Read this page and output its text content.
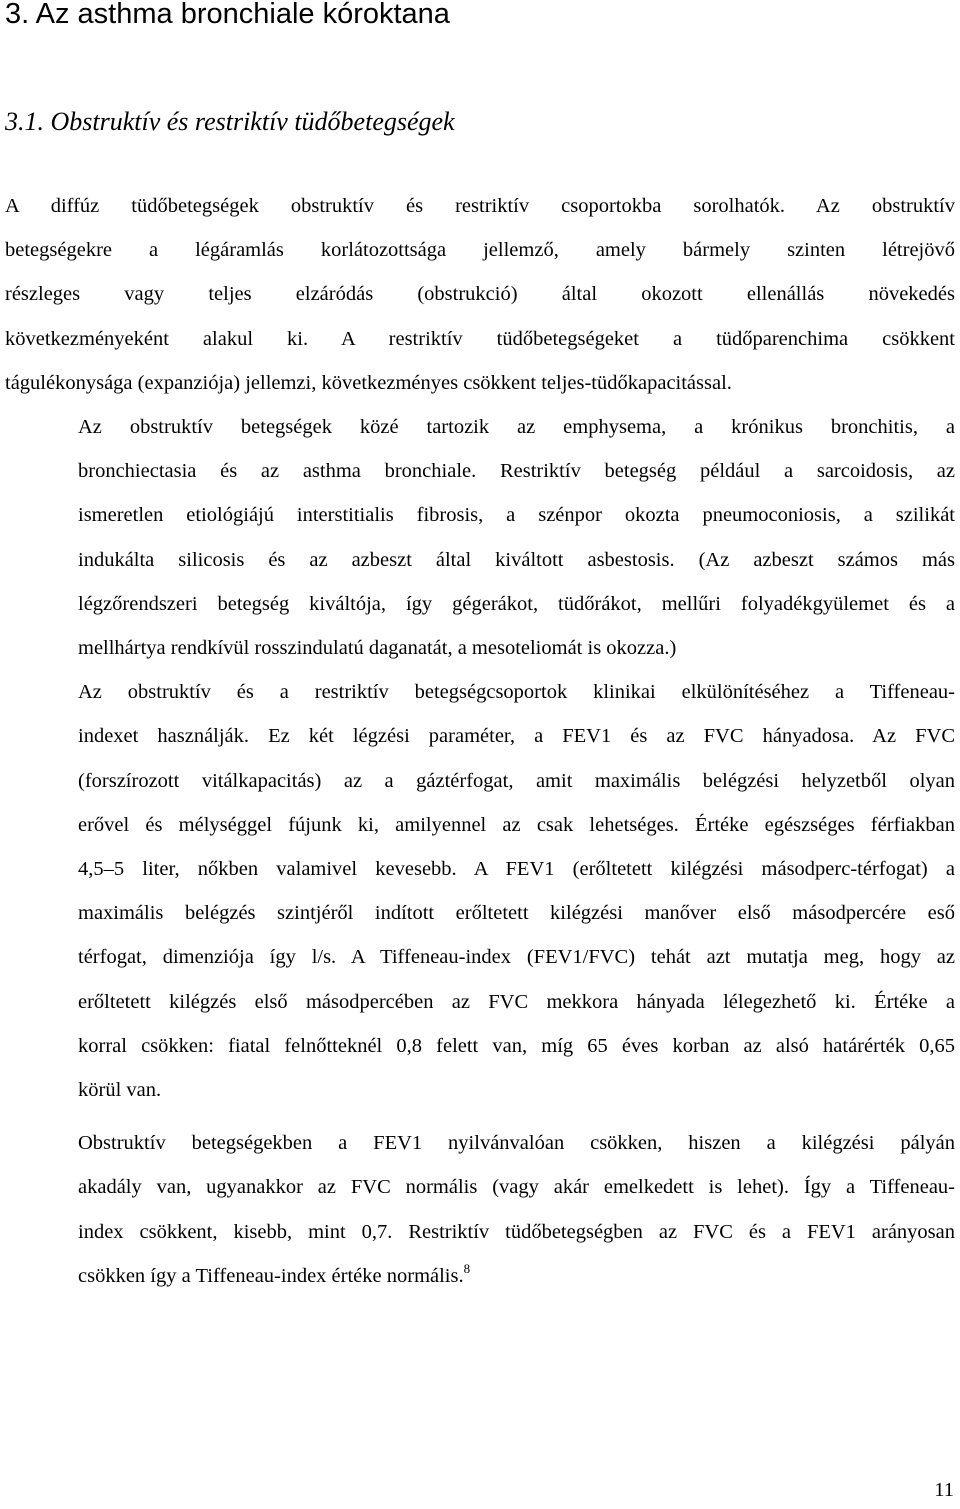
3. Az asthma bronchiale kóroktana
3.1. Obstruktív és restriktív tüdőbetegségek

A diffúz tüdőbetegségek obstruktív és restriktív csoportokba sorolhatók. Az obstruktív
betegségekre a légáramlás korlátozottsága jellemző, amely bármely szinten létrejövő
részleges vagy teljes elzáródás (obstrukció) által okozott ellenállás növekedés
következményeként alakul ki. A restriktív tüdőbetegségeket a tüdőparenchima csökkent
tágulékonysága (expanziója) jellemzi, következményes csökkent teljes-tüdőkapacitással.

Az obstruktív betegségek közé tartozik az emphysema, a krónikus bronchitis, a
bronchiectasia és az asthma bronchiale. Restriktív betegség például a sarcoidosis, az
ismeretlen etiológiájú interstitialis fibrosis, a szénpor okozta pneumoconiosis, a szilikát
indukálta silicosis és az azbeszt által kiváltott asbestosis. (Az azbeszt számos más
légzőrendszeri betegség kiváltója, így gégerákot, tüdőrákot, mellűri folyadékgyülemet és a
mellhártya rendkívül rosszindulatú daganatát, a mesoteliomát is okozza.)

Az obstruktív és a restriktív betegségcsoportok klinikai elkülönítéséhez a Tiffeneau-
indexet használják. Ez két légzési paraméter, a FEV1 és az FVC hányadosa. Az FVC
(forszírozott vitálkapacitás) az a gáztérfogat, amit maximális belégzési helyzetből olyan
erővel és mélységgel fújunk ki, amilyennel az csak lehetséges. Értéke egészséges férfiakban
4,5–5 liter, nőkben valamivel kevesebb. A FEV1 (erőltetett kilégzési másodperc-térfogat) a
maximális belégzés szintjéről indított erőltetett kilégzési manőver első másodpercére eső
térfogat, dimenziója így l/s. A Tiffeneau-index (FEV1/FVC) tehát azt mutatja meg, hogy az
erőltetett kilégzés első másodpercében az FVC mekkora hányada lélegezhető ki. Értéke a
korral csökken: fiatal felnőtteknél 0,8 felett van, míg 65 éves korban az alsó határérték 0,65
körül van.

Obstruktív betegségekben a FEV1 nyilvánvalóan csökken, hiszen a kilégzési pályán
akadály van, ugyanakkor az FVC normális (vagy akár emelkedett is lehet). Így a Tiffeneau-
index csökkent, kisebb, mint 0,7. Restriktív tüdőbetegségben az FVC és a FEV1 arányosan
csökken így a Tiffeneau-index értéke normális.$^8$

11
